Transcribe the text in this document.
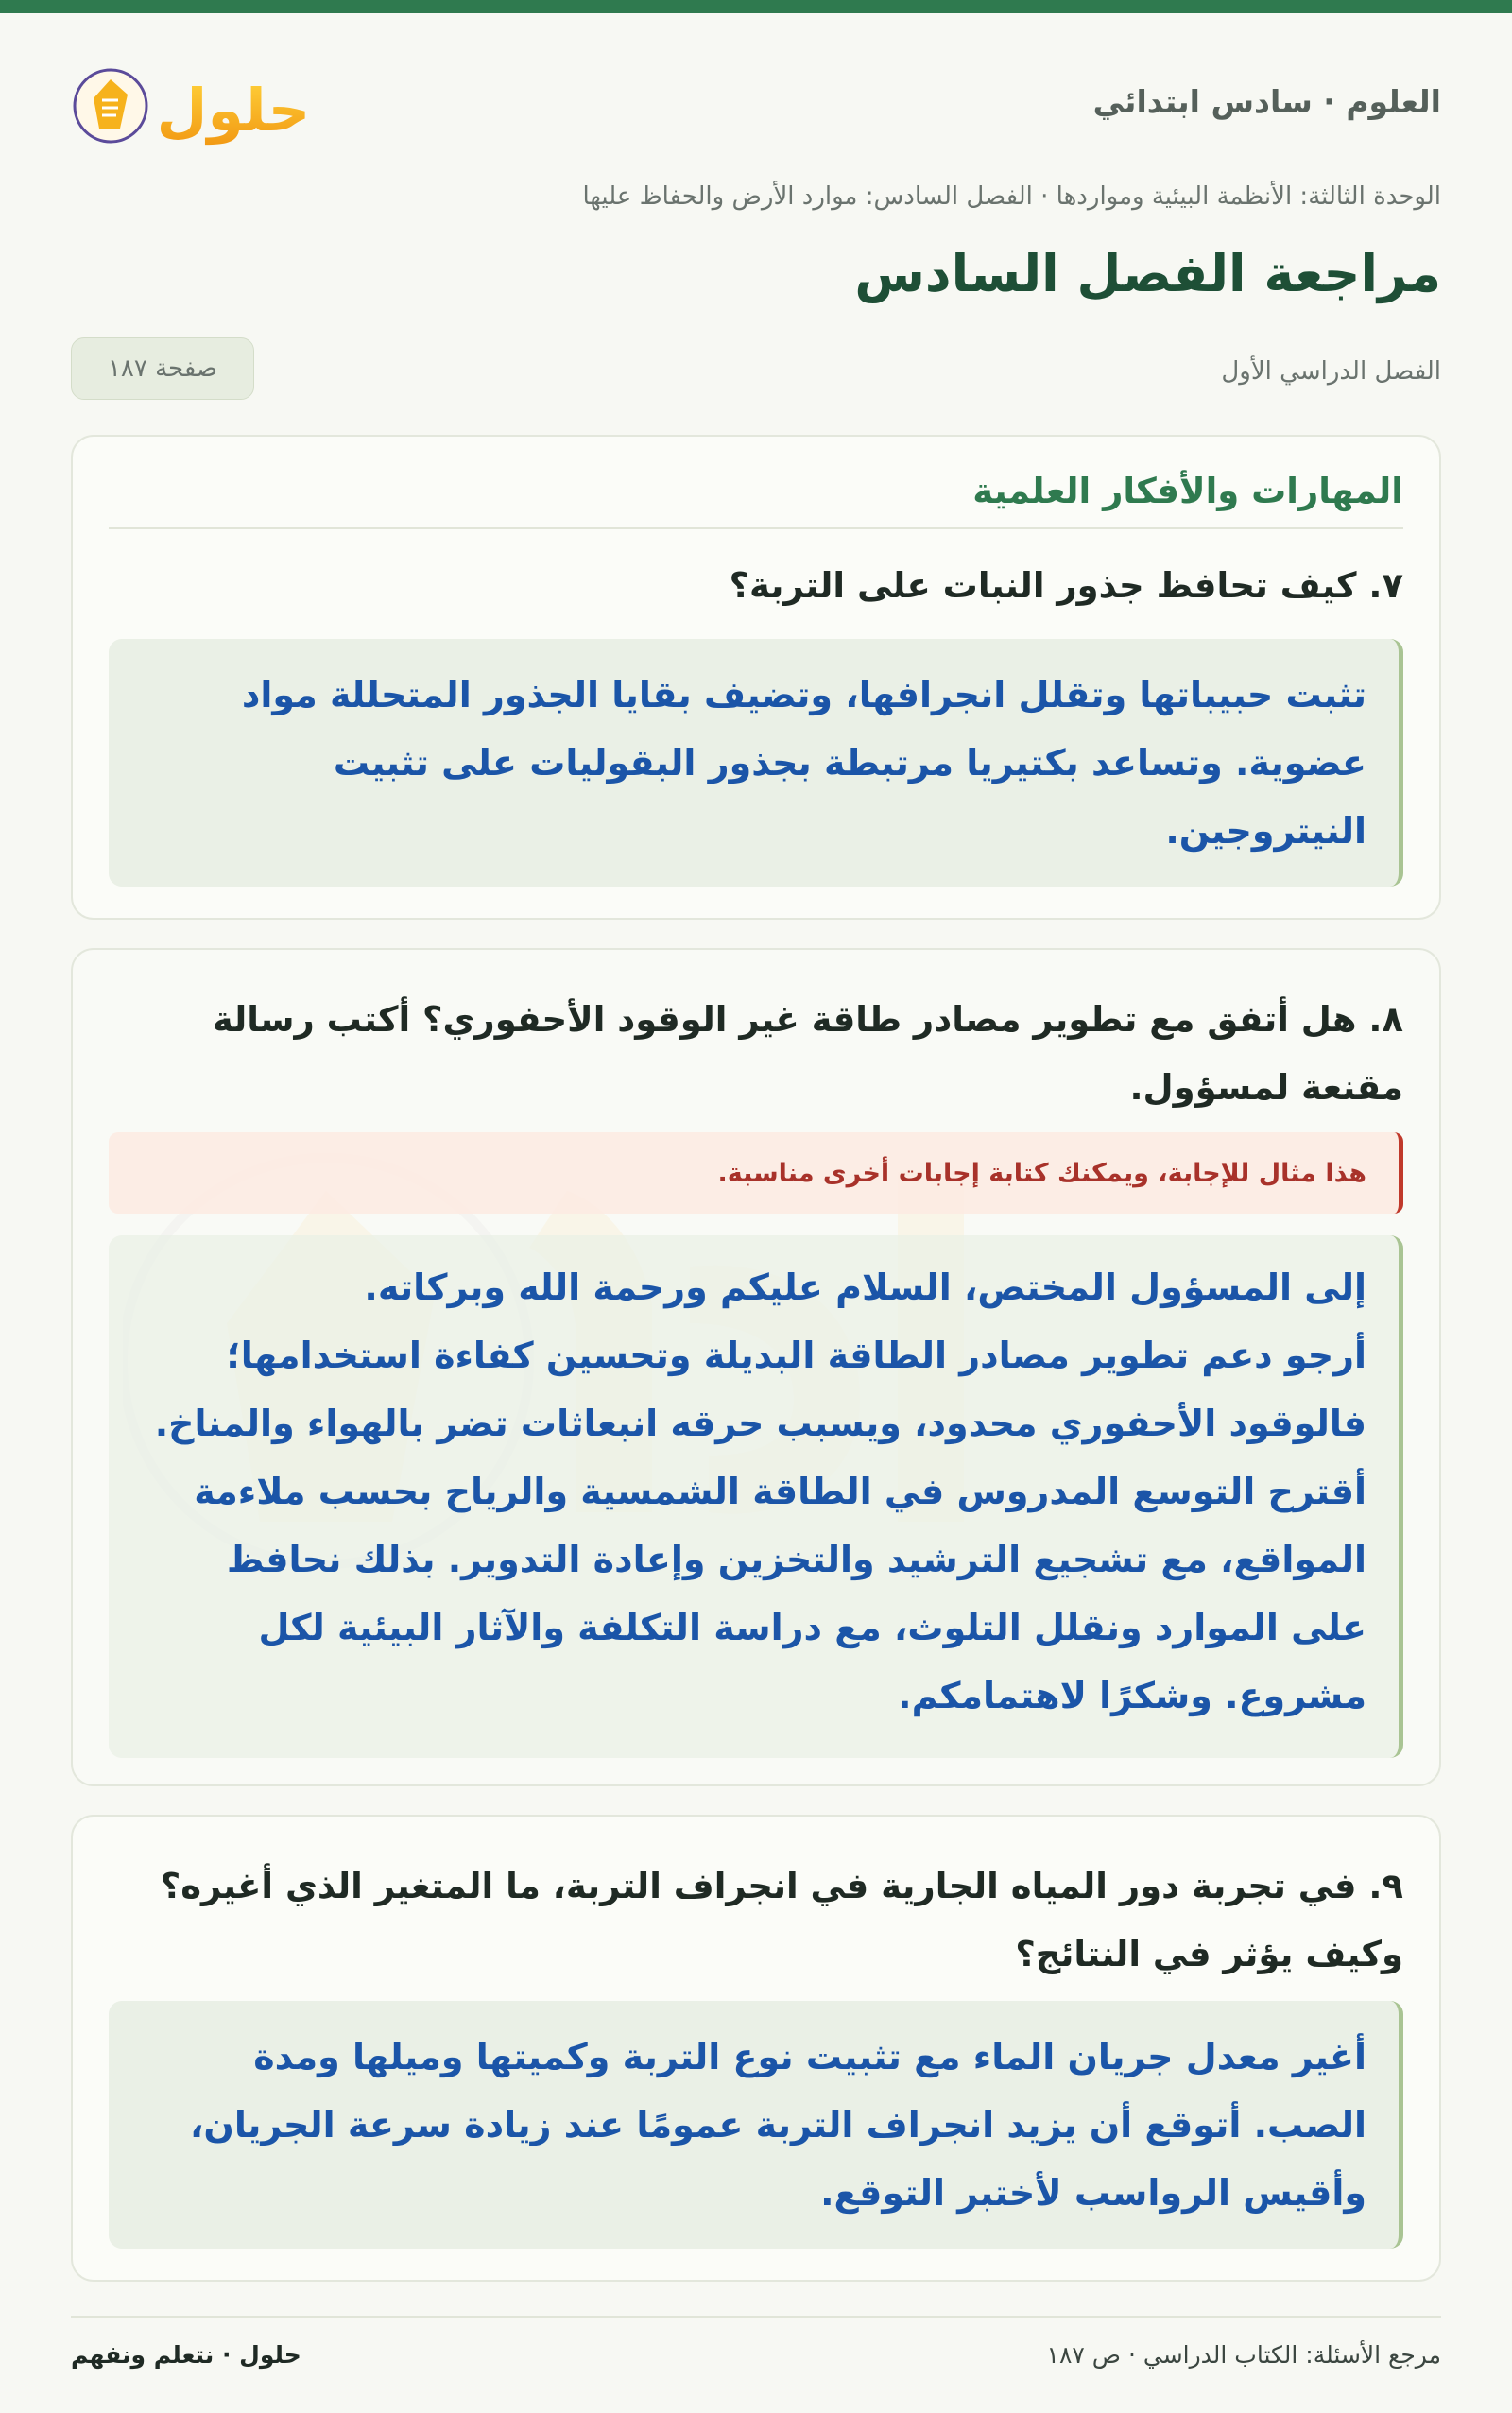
العلوم · سادس ابتدائي
حلول
الوحدة الثالثة: الأنظمة البيئية ومواردها · الفصل السادس: موارد الأرض والحفاظ عليها
مراجعة الفصل السادس
الفصل الدراسي الأول
صفحة ١٨٧
المهارات والأفكار العلمية
٧. كيف تحافظ جذور النبات على التربة؟
تثبت حبيباتها وتقلل انجرافها، وتضيف بقايا الجذور المتحللة مواد
عضوية. وتساعد بكتيريا مرتبطة بجذور البقوليات على تثبيت
النيتروجين.
٨. هل أتفق مع تطوير مصادر طاقة غير الوقود الأحفوري؟ أكتب رسالة
مقنعة لمسؤول.
هذا مثال للإجابة، ويمكنك كتابة إجابات أخرى مناسبة.
إلى المسؤول المختص، السلام عليكم ورحمة الله وبركاته.
أرجو دعم تطوير مصادر الطاقة البديلة وتحسين كفاءة استخدامها؛
فالوقود الأحفوري محدود، ويسبب حرقه انبعاثات تضر بالهواء والمناخ.
أقترح التوسع المدروس في الطاقة الشمسية والرياح بحسب ملاءمة
المواقع، مع تشجيع الترشيد والتخزين وإعادة التدوير. بذلك نحافظ
على الموارد ونقلل التلوث، مع دراسة التكلفة والآثار البيئية لكل
مشروع. وشكرًا لاهتمامكم.
٩. في تجربة دور المياه الجارية في انجراف التربة، ما المتغير الذي أغيره؟
وكيف يؤثر في النتائج؟
أغير معدل جريان الماء مع تثبيت نوع التربة وكميتها وميلها ومدة
الصب. أتوقع أن يزيد انجراف التربة عمومًا عند زيادة سرعة الجريان،
وأقيس الرواسب لأختبر التوقع.
مرجع الأسئلة: الكتاب الدراسي · ص ١٨٧
حلول · نتعلم ونفهم
